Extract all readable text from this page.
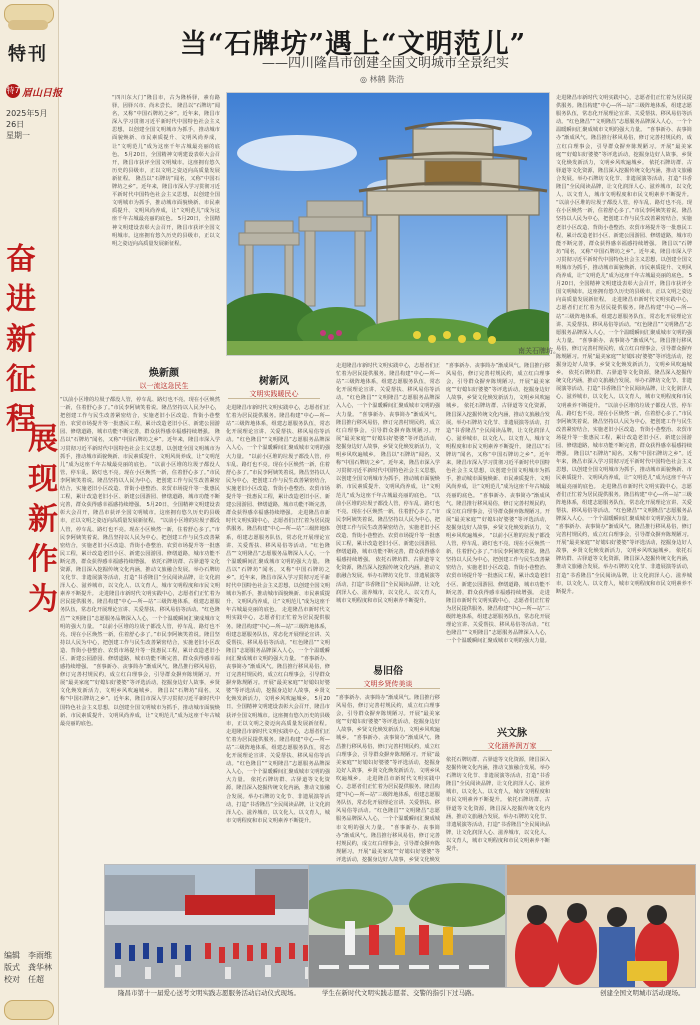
特刊
特7 眉山日报
2025年5月26日
星期一
奋进新征程
展现新作为
编辑　李雨维
版式　龚华林
校对　任超
当“石牌坊”遇上“文明范儿”
——四川隆昌市创建全国文明城市全景纪实
◎ 林鹤 陈浩
“四川东大门”隆昌市，古为隆桥驿，素有路驿，因驿兴市、尚未尝长。 隆昌以“石牌坊”闻名，又称“中国石牌坊之乡”。近年来，隆昌市深入学习贯彻习近平新时代中国特色社会主义思想，以创建全国文明城市为抓手，推动城市面貌焕新、市民素质提升、文明风尚养成，让“文明范儿”成为这座千年古城最亮丽的底色。 5月20日，全国精神文明建设表彰大会召开，隆昌市获评全国文明城市。这座拥有悠久历史的县级市，正以文明之姿迈向高质量发展新征程。 隆昌以“石牌坊”闻名，又称“中国石牌坊之乡”。近年来，隆昌市深入学习贯彻习近平新时代中国特色社会主义思想，以创建全国文明城市为抓手，推动城市面貌焕新、市民素质提升、文明风尚养成，让“文明范儿”成为这座千年古城最亮丽的底色。 5月20日，全国精神文明建设表彰大会召开，隆昌市获评全国文明城市。这座拥有悠久历史的县级市，正以文明之姿迈向高质量发展新征程。
南关石牌坊。
走进隆昌市新时代文明实践中心，志愿者们正忙着为居民提供服务。隆昌构建“中心—所—站”三级阵地体系，组建志愿服务队伍，常态化开展理论宣讲、关爱帮扶、移风易俗等活动。“红色隆昌”“文明隆昌”志愿服务品牌深入人心，一个个温暖瞬间汇聚成城市文明的强大力量。 “喜事新办、丧事简办”渐成风气。隆昌推行移风易俗，修订完善村规民约，成立红白理事会，引导群众摒弃陈规陋习。开展“最美家庭”“好媳妇好婆婆”等评选活动，挖掘身边好人故事，乡贤文化焕发新活力，文明乡风吹遍城乡。 依托石牌坊群、古驿道等文化资源，隆昌深入挖掘传统文化内涵，推动文旅融合发展。举办石牌坊文化节、非遗展演等活动，打造“书香隆昌”全民阅读品牌，让文化润泽人心、滋养城市，以文化人、以文育人，城市文明程度和市民文明素养不断提升。 “以前小区堆的垃圾子都没人管，停车乱、路灯也不亮。现在小区焕然一新，住着舒心多了。”市民李阿姨笑着说。隆昌坚持以人民为中心，把创建工作与民生改善紧密结合，实施老旧小区改造、背街小巷整治、农贸市场提升等一批惠民工程，累计改造老旧小区、新建公园游园、修缮道路，城市功能不断完善，群众获得感幸福感持续增强。 隆昌以“石牌坊”闻名，又称“中国石牌坊之乡”。近年来，隆昌市深入学习贯彻习近平新时代中国特色社会主义思想，以创建全国文明城市为抓手，推动城市面貌焕新、市民素质提升、文明风尚养成，让“文明范儿”成为这座千年古城最亮丽的底色。 5月20日，全国精神文明建设表彰大会召开，隆昌市获评全国文明城市。这座拥有悠久历史的县级市，正以文明之姿迈向高质量发展新征程。 走进隆昌市新时代文明实践中心，志愿者们正忙着为居民提供服务。隆昌构建“中心—所—站”三级阵地体系，组建志愿服务队伍，常态化开展理论宣讲、关爱帮扶、移风易俗等活动。“红色隆昌”“文明隆昌”志愿服务品牌深入人心，一个个温暖瞬间汇聚成城市文明的强大力量。 “喜事新办、丧事简办”渐成风气。隆昌推行移风易俗，修订完善村规民约，成立红白理事会，引导群众摒弃陈规陋习。开展“最美家庭”“好媳妇好婆婆”等评选活动，挖掘身边好人故事，乡贤文化焕发新活力，文明乡风吹遍城乡。 依托石牌坊群、古驿道等文化资源，隆昌深入挖掘传统文化内涵，推动文旅融合发展。举办石牌坊文化节、非遗展演等活动，打造“书香隆昌”全民阅读品牌，让文化润泽人心、滋养城市，以文化人、以文育人，城市文明程度和市民文明素养不断提升。 “以前小区堆的垃圾子都没人管，停车乱、路灯也不亮。现在小区焕然一新，住着舒心多了。”市民李阿姨笑着说。隆昌坚持以人民为中心，把创建工作与民生改善紧密结合，实施老旧小区改造、背街小巷整治、农贸市场提升等一批惠民工程，累计改造老旧小区、新建公园游园、修缮道路，城市功能不断完善，群众获得感幸福感持续增强。 隆昌以“石牌坊”闻名，又称“中国石牌坊之乡”。近年来，隆昌市深入学习贯彻习近平新时代中国特色社会主义思想，以创建全国文明城市为抓手，推动城市面貌焕新、市民素质提升、文明风尚养成，让“文明范儿”成为这座千年古城最亮丽的底色。 走进隆昌市新时代文明实践中心，志愿者们正忙着为居民提供服务。隆昌构建“中心—所—站”三级阵地体系，组建志愿服务队伍，常态化开展理论宣讲、关爱帮扶、移风易俗等活动。“红色隆昌”“文明隆昌”志愿服务品牌深入人心，一个个温暖瞬间汇聚成城市文明的强大力量。 “喜事新办、丧事简办”渐成风气。隆昌推行移风易俗，修订完善村规民约，成立红白理事会，引导群众摒弃陈规陋习。开展“最美家庭”“好媳妇好婆婆”等评选活动，挖掘身边好人故事，乡贤文化焕发新活力，文明乡风吹遍城乡。 依托石牌坊群、古驿道等文化资源，隆昌深入挖掘传统文化内涵，推动文旅融合发展。举办石牌坊文化节、非遗展演等活动，打造“书香隆昌”全民阅读品牌，让文化润泽人心、滋养城市，以文化人、以文育人，城市文明程度和市民文明素养不断提升。
焕新颜
以一流这急民生
“以前小区堆的垃圾子都没人管，停车乱、路灯也不亮。现在小区焕然一新，住着舒心多了。”市民李阿姨笑着说。隆昌坚持以人民为中心，把创建工作与民生改善紧密结合，实施老旧小区改造、背街小巷整治、农贸市场提升等一批惠民工程，累计改造老旧小区、新建公园游园、修缮道路，城市功能不断完善，群众获得感幸福感持续增强。 隆昌以“石牌坊”闻名，又称“中国石牌坊之乡”。近年来，隆昌市深入学习贯彻习近平新时代中国特色社会主义思想，以创建全国文明城市为抓手，推动城市面貌焕新、市民素质提升、文明风尚养成，让“文明范儿”成为这座千年古城最亮丽的底色。 “以前小区堆的垃圾子都没人管，停车乱、路灯也不亮。现在小区焕然一新，住着舒心多了。”市民李阿姨笑着说。隆昌坚持以人民为中心，把创建工作与民生改善紧密结合，实施老旧小区改造、背街小巷整治、农贸市场提升等一批惠民工程，累计改造老旧小区、新建公园游园、修缮道路，城市功能不断完善，群众获得感幸福感持续增强。 5月20日，全国精神文明建设表彰大会召开，隆昌市获评全国文明城市。这座拥有悠久历史的县级市，正以文明之姿迈向高质量发展新征程。 “以前小区堆的垃圾子都没人管，停车乱、路灯也不亮。现在小区焕然一新，住着舒心多了。”市民李阿姨笑着说。隆昌坚持以人民为中心，把创建工作与民生改善紧密结合，实施老旧小区改造、背街小巷整治、农贸市场提升等一批惠民工程，累计改造老旧小区、新建公园游园、修缮道路，城市功能不断完善，群众获得感幸福感持续增强。 依托石牌坊群、古驿道等文化资源，隆昌深入挖掘传统文化内涵，推动文旅融合发展。举办石牌坊文化节、非遗展演等活动，打造“书香隆昌”全民阅读品牌，让文化润泽人心、滋养城市，以文化人、以文育人，城市文明程度和市民文明素养不断提升。 走进隆昌市新时代文明实践中心，志愿者们正忙着为居民提供服务。隆昌构建“中心—所—站”三级阵地体系，组建志愿服务队伍，常态化开展理论宣讲、关爱帮扶、移风易俗等活动。“红色隆昌”“文明隆昌”志愿服务品牌深入人心，一个个温暖瞬间汇聚成城市文明的强大力量。 “以前小区堆的垃圾子都没人管，停车乱、路灯也不亮。现在小区焕然一新，住着舒心多了。”市民李阿姨笑着说。隆昌坚持以人民为中心，把创建工作与民生改善紧密结合，实施老旧小区改造、背街小巷整治、农贸市场提升等一批惠民工程，累计改造老旧小区、新建公园游园、修缮道路，城市功能不断完善，群众获得感幸福感持续增强。 “喜事新办、丧事简办”渐成风气。隆昌推行移风易俗，修订完善村规民约，成立红白理事会，引导群众摒弃陈规陋习。开展“最美家庭”“好媳妇好婆婆”等评选活动，挖掘身边好人故事，乡贤文化焕发新活力，文明乡风吹遍城乡。 隆昌以“石牌坊”闻名，又称“中国石牌坊之乡”。近年来，隆昌市深入学习贯彻习近平新时代中国特色社会主义思想，以创建全国文明城市为抓手，推动城市面貌焕新、市民素质提升、文明风尚养成，让“文明范儿”成为这座千年古城最亮丽的底色。
树新风
文明实践暖民心
走进隆昌市新时代文明实践中心，志愿者们正忙着为居民提供服务。隆昌构建“中心—所—站”三级阵地体系，组建志愿服务队伍，常态化开展理论宣讲、关爱帮扶、移风易俗等活动。“红色隆昌”“文明隆昌”志愿服务品牌深入人心，一个个温暖瞬间汇聚成城市文明的强大力量。 “以前小区堆的垃圾子都没人管，停车乱、路灯也不亮。现在小区焕然一新，住着舒心多了。”市民李阿姨笑着说。隆昌坚持以人民为中心，把创建工作与民生改善紧密结合，实施老旧小区改造、背街小巷整治、农贸市场提升等一批惠民工程，累计改造老旧小区、新建公园游园、修缮道路，城市功能不断完善，群众获得感幸福感持续增强。 走进隆昌市新时代文明实践中心，志愿者们正忙着为居民提供服务。隆昌构建“中心—所—站”三级阵地体系，组建志愿服务队伍，常态化开展理论宣讲、关爱帮扶、移风易俗等活动。“红色隆昌”“文明隆昌”志愿服务品牌深入人心，一个个温暖瞬间汇聚成城市文明的强大力量。 隆昌以“石牌坊”闻名，又称“中国石牌坊之乡”。近年来，隆昌市深入学习贯彻习近平新时代中国特色社会主义思想，以创建全国文明城市为抓手，推动城市面貌焕新、市民素质提升、文明风尚养成，让“文明范儿”成为这座千年古城最亮丽的底色。 走进隆昌市新时代文明实践中心，志愿者们正忙着为居民提供服务。隆昌构建“中心—所—站”三级阵地体系，组建志愿服务队伍，常态化开展理论宣讲、关爱帮扶、移风易俗等活动。“红色隆昌”“文明隆昌”志愿服务品牌深入人心，一个个温暖瞬间汇聚成城市文明的强大力量。 “喜事新办、丧事简办”渐成风气。隆昌推行移风易俗，修订完善村规民约，成立红白理事会，引导群众摒弃陈规陋习。开展“最美家庭”“好媳妇好婆婆”等评选活动，挖掘身边好人故事，乡贤文化焕发新活力，文明乡风吹遍城乡。 5月20日，全国精神文明建设表彰大会召开，隆昌市获评全国文明城市。这座拥有悠久历史的县级市，正以文明之姿迈向高质量发展新征程。 走进隆昌市新时代文明实践中心，志愿者们正忙着为居民提供服务。隆昌构建“中心—所—站”三级阵地体系，组建志愿服务队伍，常态化开展理论宣讲、关爱帮扶、移风易俗等活动。“红色隆昌”“文明隆昌”志愿服务品牌深入人心，一个个温暖瞬间汇聚成城市文明的强大力量。 依托石牌坊群、古驿道等文化资源，隆昌深入挖掘传统文化内涵，推动文旅融合发展。举办石牌坊文化节、非遗展演等活动，打造“书香隆昌”全民阅读品牌，让文化润泽人心、滋养城市，以文化人、以文育人，城市文明程度和市民文明素养不断提升。
走进隆昌市新时代文明实践中心，志愿者们正忙着为居民提供服务。隆昌构建“中心—所—站”三级阵地体系，组建志愿服务队伍，常态化开展理论宣讲、关爱帮扶、移风易俗等活动。“红色隆昌”“文明隆昌”志愿服务品牌深入人心，一个个温暖瞬间汇聚成城市文明的强大力量。 “喜事新办、丧事简办”渐成风气。隆昌推行移风易俗，修订完善村规民约，成立红白理事会，引导群众摒弃陈规陋习。开展“最美家庭”“好媳妇好婆婆”等评选活动，挖掘身边好人故事，乡贤文化焕发新活力，文明乡风吹遍城乡。 隆昌以“石牌坊”闻名，又称“中国石牌坊之乡”。近年来，隆昌市深入学习贯彻习近平新时代中国特色社会主义思想，以创建全国文明城市为抓手，推动城市面貌焕新、市民素质提升、文明风尚养成，让“文明范儿”成为这座千年古城最亮丽的底色。 “以前小区堆的垃圾子都没人管，停车乱、路灯也不亮。现在小区焕然一新，住着舒心多了。”市民李阿姨笑着说。隆昌坚持以人民为中心，把创建工作与民生改善紧密结合，实施老旧小区改造、背街小巷整治、农贸市场提升等一批惠民工程，累计改造老旧小区、新建公园游园、修缮道路，城市功能不断完善，群众获得感幸福感持续增强。 依托石牌坊群、古驿道等文化资源，隆昌深入挖掘传统文化内涵，推动文旅融合发展。举办石牌坊文化节、非遗展演等活动，打造“书香隆昌”全民阅读品牌，让文化润泽人心、滋养城市，以文化人、以文育人，城市文明程度和市民文明素养不断提升。
易旧俗
文明乡贤传美谈
“喜事新办、丧事简办”渐成风气。隆昌推行移风易俗，修订完善村规民约，成立红白理事会，引导群众摒弃陈规陋习。开展“最美家庭”“好媳妇好婆婆”等评选活动，挖掘身边好人故事，乡贤文化焕发新活力，文明乡风吹遍城乡。 “喜事新办、丧事简办”渐成风气。隆昌推行移风易俗，修订完善村规民约，成立红白理事会，引导群众摒弃陈规陋习。开展“最美家庭”“好媳妇好婆婆”等评选活动，挖掘身边好人故事，乡贤文化焕发新活力，文明乡风吹遍城乡。 走进隆昌市新时代文明实践中心，志愿者们正忙着为居民提供服务。隆昌构建“中心—所—站”三级阵地体系，组建志愿服务队伍，常态化开展理论宣讲、关爱帮扶、移风易俗等活动。“红色隆昌”“文明隆昌”志愿服务品牌深入人心，一个个温暖瞬间汇聚成城市文明的强大力量。 “喜事新办、丧事简办”渐成风气。隆昌推行移风易俗，修订完善村规民约，成立红白理事会，引导群众摒弃陈规陋习。开展“最美家庭”“好媳妇好婆婆”等评选活动，挖掘身边好人故事，乡贤文化焕发
“喜事新办、丧事简办”渐成风气。隆昌推行移风易俗，修订完善村规民约，成立红白理事会，引导群众摒弃陈规陋习。开展“最美家庭”“好媳妇好婆婆”等评选活动，挖掘身边好人故事，乡贤文化焕发新活力，文明乡风吹遍城乡。 依托石牌坊群、古驿道等文化资源，隆昌深入挖掘传统文化内涵，推动文旅融合发展。举办石牌坊文化节、非遗展演等活动，打造“书香隆昌”全民阅读品牌，让文化润泽人心、滋养城市，以文化人、以文育人，城市文明程度和市民文明素养不断提升。 隆昌以“石牌坊”闻名，又称“中国石牌坊之乡”。近年来，隆昌市深入学习贯彻习近平新时代中国特色社会主义思想，以创建全国文明城市为抓手，推动城市面貌焕新、市民素质提升、文明风尚养成，让“文明范儿”成为这座千年古城最亮丽的底色。 “喜事新办、丧事简办”渐成风气。隆昌推行移风易俗，修订完善村规民约，成立红白理事会，引导群众摒弃陈规陋习。开展“最美家庭”“好媳妇好婆婆”等评选活动，挖掘身边好人故事，乡贤文化焕发新活力，文明乡风吹遍城乡。 “以前小区堆的垃圾子都没人管，停车乱、路灯也不亮。现在小区焕然一新，住着舒心多了。”市民李阿姨笑着说。隆昌坚持以人民为中心，把创建工作与民生改善紧密结合，实施老旧小区改造、背街小巷整治、农贸市场提升等一批惠民工程，累计改造老旧小区、新建公园游园、修缮道路，城市功能不断完善，群众获得感幸福感持续增强。 走进隆昌市新时代文明实践中心，志愿者们正忙着为居民提供服务。隆昌构建“中心—所—站”三级阵地体系，组建志愿服务队伍，常态化开展理论宣讲、关爱帮扶、移风易俗等活动。“红色隆昌”“文明隆昌”志愿服务品牌深入人心，一个个温暖瞬间汇聚成城市文明的强大力量。
兴文脉
文化涵养润万家
依托石牌坊群、古驿道等文化资源，隆昌深入挖掘传统文化内涵，推动文旅融合发展。举办石牌坊文化节、非遗展演等活动，打造“书香隆昌”全民阅读品牌，让文化润泽人心、滋养城市，以文化人、以文育人，城市文明程度和市民文明素养不断提升。 依托石牌坊群、古驿道等文化资源，隆昌深入挖掘传统文化内涵，推动文旅融合发展。举办石牌坊文化节、非遗展演等活动，打造“书香隆昌”全民阅读品牌，让文化润泽人心、滋养城市，以文化人、以文育人，城市文明程度和市民文明素养不断提升。
隆昌市第十一届爱心送考文明实践志愿服务活动启动仪式现场。	学生在新时代文明实践志愿者、交警的指引下过马路。	创建全国文明城市活动现场。
